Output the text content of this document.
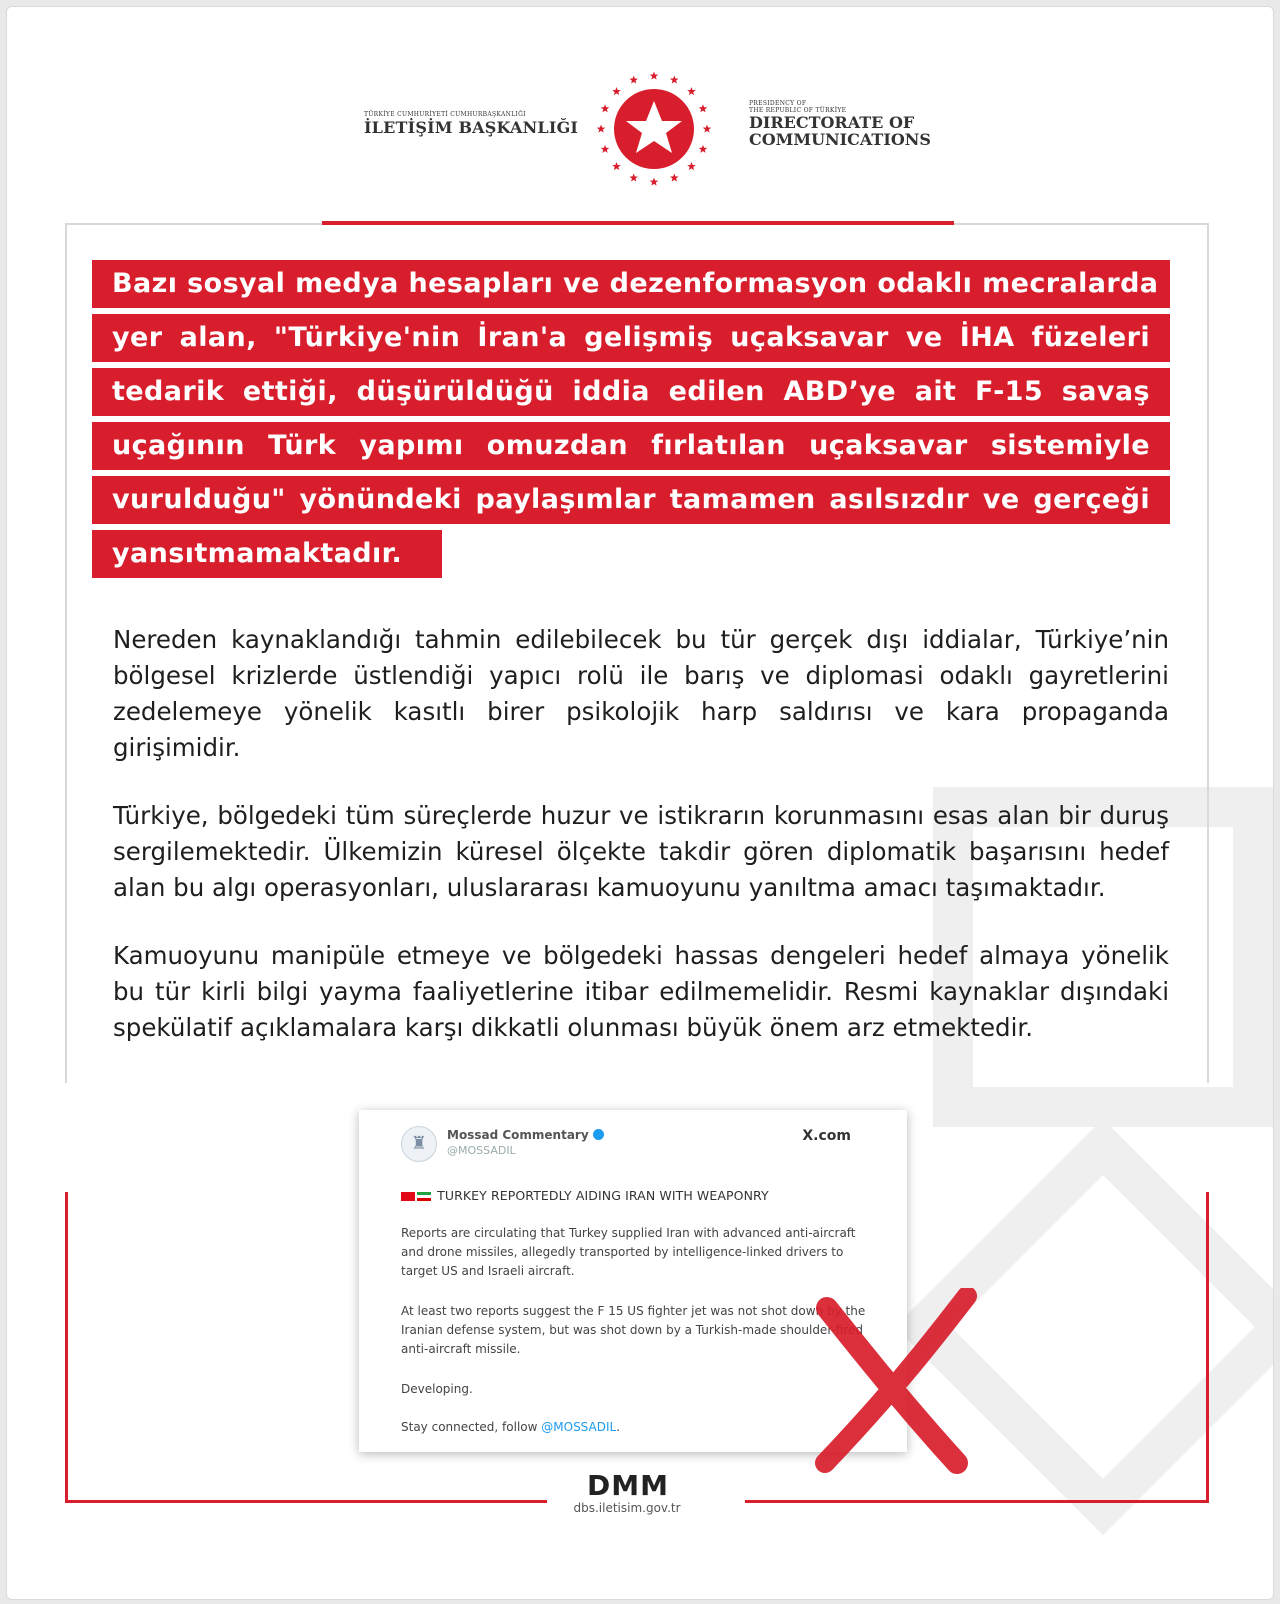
TÜRKİYE CUMHURİYETİ CUMHURBAŞKANLIĞI
İLETİŞİM BAŞKANLIĞI
PRESIDENCY OF
THE REPUBLIC OF TÜRKİYE
DIRECTORATE OF
COMMUNICATIONS
Bazı sosyal medya hesapları ve dezenformasyon odaklı mecralarda
yer alan, "Türkiye'nin İran'a gelişmiş uçaksavar ve İHA füzeleri
tedarik ettiği, düşürüldüğü iddia edilen ABD’ye ait F-15 savaş
uçağının Türk yapımı omuzdan fırlatılan uçaksavar sistemiyle
vurulduğu" yönündeki paylaşımlar tamamen asılsızdır ve gerçeği
yansıtmamaktadır.

Nereden kaynaklandığı tahmin edilebilecek bu tür gerçek dışı iddialar, Türkiye’nin bölgesel krizlerde üstlendiği yapıcı rolü ile barış ve diplomasi odaklı gayretlerini zedelemeye yönelik kasıtlı birer psikolojik harp saldırısı ve kara propaganda girişimidir.

Türkiye, bölgedeki tüm süreçlerde huzur ve istikrarın korunmasını esas alan bir duruş sergilemektedir. Ülkemizin küresel ölçekte takdir gören diplomatik başarısını hedef alan bu algı operasyonları, uluslararası kamuoyunu yanıltma amacı taşımaktadır.

Kamuoyunu manipüle etmeye ve bölgedeki hassas dengeleri hedef almaya yönelik bu tür kirli bilgi yayma faaliyetlerine itibar edilmemelidir. Resmi kaynaklar dışındaki spekülatif açıklamalara karşı dikkatli olunması büyük önem arz etmektedir.

♜	Mossad Commentary
@MOSSADIL
X.com
TURKEY REPORTEDLY AIDING IRAN WITH WEAPONRY
Reports are circulating that Turkey supplied Iran with advanced anti-aircraft and drone missiles, allegedly transported by intelligence-linked drivers to target US and Israeli aircraft.
At least two reports suggest the F 15 US fighter jet was not shot down by the Iranian defense system, but was shot down by a Turkish-made shoulder-fired anti-aircraft missile.
Developing.
Stay connected, follow @MOSSADIL.
DMM
dbs.iletisim.gov.tr
